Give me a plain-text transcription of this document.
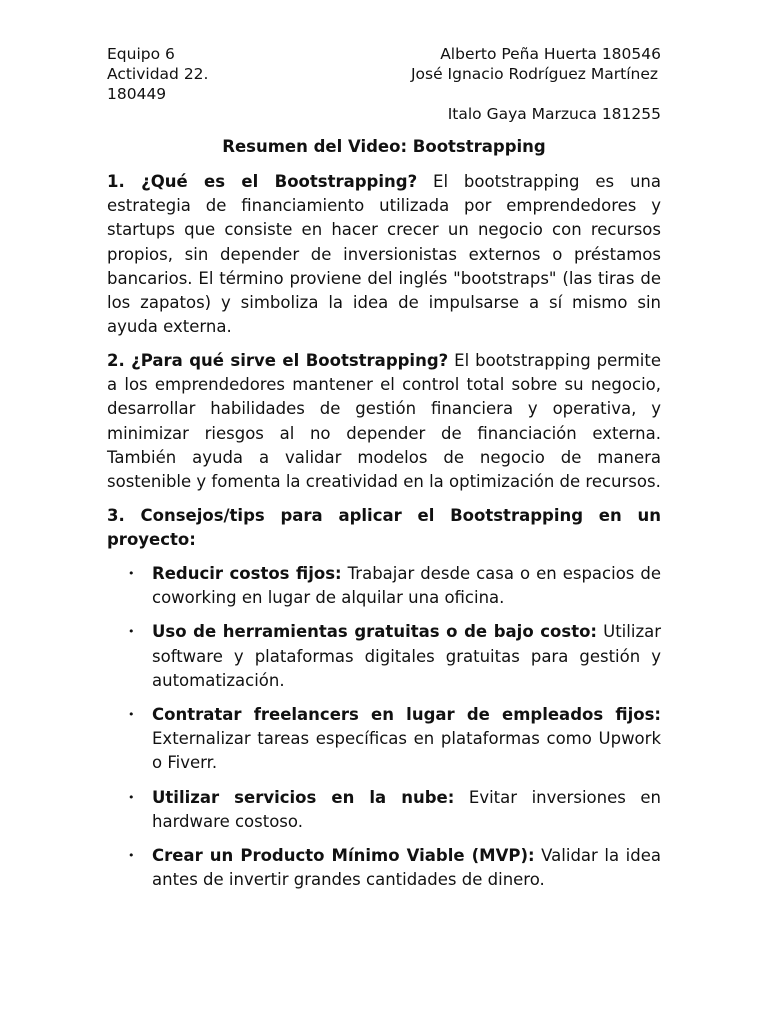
Equipo 6
Actividad 22.
180449
Alberto Peña Huerta 180546
José Ignacio Rodríguez Martínez
Italo Gaya Marzuca 181255
Resumen del Video: Bootstrapping

1. ¿Qué es el Bootstrapping? El bootstrapping es una estrategia de financiamiento utilizada por emprendedores y startups que consiste en hacer crecer un negocio con recursos propios, sin depender de inversionistas externos o préstamos bancarios. El término proviene del inglés "bootstraps" (las tiras de los zapatos) y simboliza la idea de impulsarse a sí mismo sin ayuda externa.

2. ¿Para qué sirve el Bootstrapping? El bootstrapping permite a los emprendedores mantener el control total sobre su negocio, desarrollar habilidades de gestión financiera y operativa, y minimizar riesgos al no depender de financiación externa. También ayuda a validar modelos de negocio de manera sostenible y fomenta la creatividad en la optimización de recursos.

3. Consejos/tips para aplicar el Bootstrapping en un proyecto:

• Reducir costos fijos: Trabajar desde casa o en espacios de coworking en lugar de alquilar una oficina.
• Uso de herramientas gratuitas o de bajo costo: Utilizar software y plataformas digitales gratuitas para gestión y automatización.
• Contratar freelancers en lugar de empleados fijos: Externalizar tareas específicas en plataformas como Upwork o Fiverr.
• Utilizar servicios en la nube: Evitar inversiones en hardware costoso.
• Crear un Producto Mínimo Viable (MVP): Validar la idea antes de invertir grandes cantidades de dinero.
